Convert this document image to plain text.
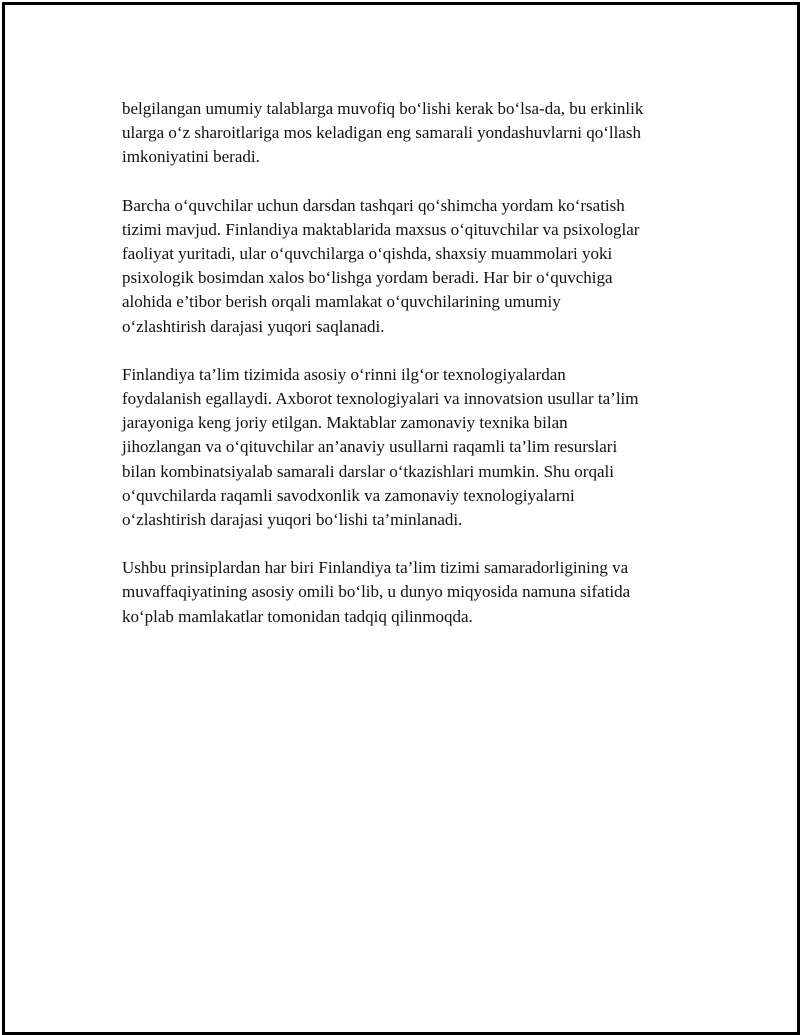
belgilangan umumiy talablarga muvofiq bo‘lishi kerak bo‘lsa-da, bu erkinlik
ularga o‘z sharoitlariga mos keladigan eng samarali yondashuvlarni qo‘llash
imkoniyatini beradi.

Barcha o‘quvchilar uchun darsdan tashqari qo‘shimcha yordam ko‘rsatish
tizimi mavjud. Finlandiya maktablarida maxsus o‘qituvchilar va psixologlar
faoliyat yuritadi, ular o‘quvchilarga o‘qishda, shaxsiy muammolari yoki
psixologik bosimdan xalos bo‘lishga yordam beradi. Har bir o‘quvchiga
alohida e’tibor berish orqali mamlakat o‘quvchilarining umumiy
o‘zlashtirish darajasi yuqori saqlanadi.

Finlandiya ta’lim tizimida asosiy o‘rinni ilg‘or texnologiyalardan
foydalanish egallaydi. Axborot texnologiyalari va innovatsion usullar ta’lim
jarayoniga keng joriy etilgan. Maktablar zamonaviy texnika bilan
jihozlangan va o‘qituvchilar an’anaviy usullarni raqamli ta’lim resurslari
bilan kombinatsiyalab samarali darslar o‘tkazishlari mumkin. Shu orqali
o‘quvchilarda raqamli savodxonlik va zamonaviy texnologiyalarni
o‘zlashtirish darajasi yuqori bo‘lishi ta’minlanadi.

Ushbu prinsiplardan har biri Finlandiya ta’lim tizimi samaradorligining va
muvaffaqiyatining asosiy omili bo‘lib, u dunyo miqyosida namuna sifatida
ko‘plab mamlakatlar tomonidan tadqiq qilinmoqda.
